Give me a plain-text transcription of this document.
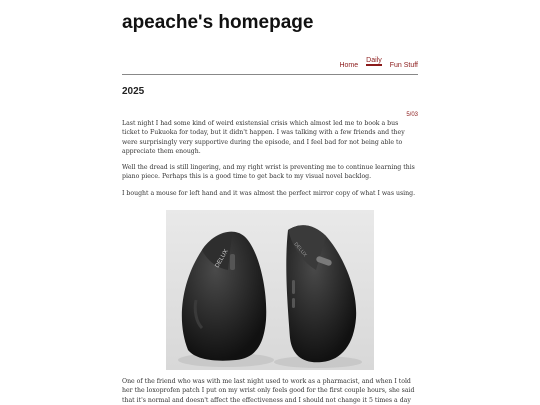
apeache's homepage
Home
Daily
Fun Stuff
2025
5/03

Last night I had some kind of weird existensial crisis which almost led me to book a bus ticket to Fukuoka for today, but it didn't happen. I was talking with a few friends and they were surprisingly very supportive during the episode, and I feel bad for not being able to appreciate them enough.

Well the dread is still lingering, and my right wrist is preventing me to continue learning this piano piece. Perhaps this is a good time to get back to my visual novel backlog.

I bought a mouse for left hand and it was almost the perfect mirror copy of what I was using.

DELUX	DELUX

One of the friend who was with me last night used to work as a pharmacist, and when I told her the loxoprofen patch I put on my wrist only feels good for the first couple hours, she said that it's normal and doesn't affect the effectiveness and I should not change it 5 times a day
